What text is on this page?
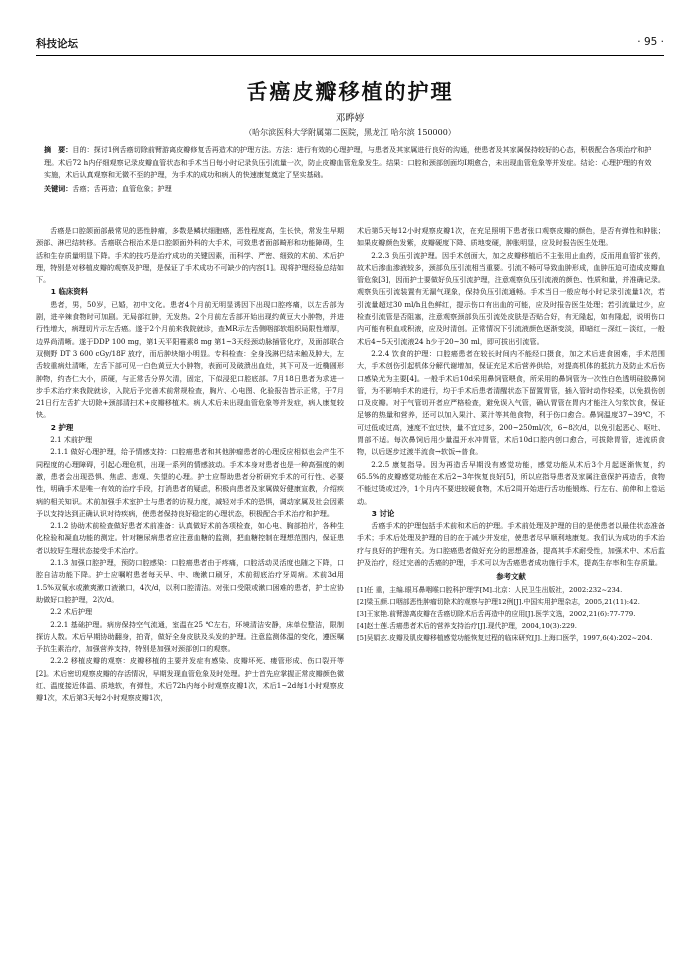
科技论坛	· 95 ·
舌癌皮瓣移植的护理
邓晔婷
（哈尔滨医科大学附属第二医院，黑龙江 哈尔滨 150000）
摘　要：目的：探讨1例舌癌切除前臂游离皮瓣修复舌再造术的护理方法。方法：进行有效的心理护理，与患者及其家属进行良好的沟通，使患者及其家属保持较好的心态，积极配合各项治疗和护理。术后72 h内仔细观察记录皮瓣血管状态和手术当日每小时记录负压引流量一次，防止皮瓣血管危象发生。结果：口腔和颈部创面均Ⅰ期愈合，未出现血管危象等并发症。结论：心理护理的有效实施，术后认真观察和无微不至的护理，为手术的成功和病人的快速康复奠定了坚实基础。
关键词：舌癌；舌再造；血管危象；护理

舌癌是口腔颌面部最常见的恶性肿瘤，多数是鳞状细胞癌，恶性程度高，生长快，常发生早期颈部、淋巴结转移。舌癌联合根治术是口腔颌面外科的大手术，可致患者面部畸形和功能障碍，生活和生存质量明显下降。手术的技巧是治疗成功的关键因素，而科学、严密、细致的术前、术后护理，特别是对移植皮瓣的观察及护理，是保证了手术成功不可缺少的内容[1]。现将护理经验总结如下。

1 临床资料

患者，男，50岁，已婚，初中文化。患者4个月前无明显诱因下出现口腔疼痛，以左舌部为剧，进辛辣食物时可加剧。无局部红肿，无发热。2个月前左舌部开始出现约黄豆大小肿物，并进行性增大，病理切片示左舌癌。遂于2个月前来我院就诊，查MR示左舌侧咽部软组织局限性增厚，边界尚清晰。遂于DDP 100 mg，第1天平阳霉素8 mg 第1~3天经颈动脉插管化疗，及面部联合双侧野 DT 3 600 cGy/18F 放疗，而后肿块缩小明显。专科检查：全身浅淋巴结未触及肿大，左舌较重病灶清晰，左舌下部可见一白色黄豆大小肿物，表面可及破溃出血灶，其下可及一近椭圆形肿物，约杏仁大小，质硬，与正常舌分界欠清，固定，下似浸犯口腔底部。7月18日患者为求进一步手术治疗来我院就诊，入院后予完善术前常规检查，胸片、心电图、化验报告皆示正常，于7月21日行左舌扩大切除+颈部清扫术+皮瓣移植术。病人术后未出现血管危象等并发症，病人康复较快。

2 护理
2.1 术前护理

2.1.1 做好心理护理，给予情感支持：口腔癌患者和其他肿瘤患者的心理反应相似也会产生不同程度的心理障碍，引起心理危机，出现一系列的情感波动。手术本身对患者也是一种高强度的刺激，患者会出现恐惧、焦虑、悲观、失望的心理。护士应帮助患者分析研究手术的可行性、必要性，明确手术是唯一有效的治疗手段，打消患者的疑虑，积极向患者及家属做好健康宣教，介绍疾病的相关知识。术前加强手术室护士与患者的访视力度，减轻对手术的恐惧，调动家属及社会因素予以支持达到正确认识对待疾病，使患者保持良好稳定的心理状态，积极配合手术治疗和护理。

2.1.2 协助术前检查做好患者术前准备：认真做好术前各项检查，如心电、胸部拍片，各种生化检验和凝血功能的测定。针对糖尿病患者应注意血糖的监测，把血糖控制在理想范围内，保证患者以较好生理状态接受手术治疗。

2.1.3 加强口腔护理，预防口腔感染：口腔癌患者由于疼痛，口腔活动灵活度也随之下降，口腔自洁功能下降。护士应嘱咐患者每天早、中、晚漱口刷牙，术前彻底治疗牙周病。术前3d用1.5%双氧水或漱爽漱口液漱口，4次/d，以利口腔清洁。对张口受限或漱口困难的患者，护士应协助做好口腔护理，2次/d。

2.2 术后护理

2.2.1 基础护理。病房保持空气流通，室温在25 ℃左右，环境清洁安静，床单位整洁，限制探访人数。术后早期协助翻身，拍背，做好全身皮肤及头发的护理。注意监测体温的变化，遵医嘱予抗生素治疗，加强营养支持，特别是加强对颈部创口的观察。

2.2.2 移植皮瓣的观察：皮瓣移植的主要并发症有感染、皮瓣坏死、瘘管形成、伤口裂开等[2]。术后密切观察皮瓣的存活情况，早期发现血管危象及时处理。护士首先应掌握正常皮瓣颜色微红、温度接近体温、质地软，有弹性，术后72h内每小时观察皮瓣1次，术后1~2d每1小时观察皮瓣1次，术后第3天每2小时观察皮瓣1次，

术后第5天每12小时观察皮瓣1次，在充足照明下患者张口观察皮瓣的颜色，是否有弹性和肿胀；如果皮瓣颜色发紫，皮瓣硬度下降、质地变硬，肿胀明显，应及时报告医生处理。

2.2.3 负压引流护理。因手术创面大，加之皮瓣移植后不主张用止血药，反而用血管扩张药，故术后渗血渗液较多，颈部负压引流相当重要。引流不畅可导致血肿形成，血肿压迫可造成皮瓣血管危象[3]，因而护士要做好负压引流护理，注意观察负压引流液的颜色、性质和量，并准确记录。观察负压引流装置有无漏气现象，保持负压引流通畅。手术当日一般应每小时记录引流量1次，若引流量超过30 ml/h且色鲜红，提示伤口有出血的可能，应及时报告医生处理；若引流量过少，应检查引流管是否阻塞，注意观察颈部负压引流处皮肤是否贴合好，有无隆起，如有隆起，说明伤口内可能有积血或积液，应及时清创。正常情况下引流液颜色逐渐变淡，即暗红－深红－淡红，一般术后4~5天引流液24 h少于20~30 ml，即可拔出引流管。

2.2.4 饮食的护理：口腔癌患者在较长时间内不能经口摄食，加之术后进食困难，手术范围大，手术创伤引起机体分解代谢增加，保证充足术后营养供给，对提高机体的抵抗力及防止术后伤口感染尤为主要[4]。一般手术后10d采用鼻饲管喂食，所采用的鼻饲管为一次性白色透明硅胶鼻饲管，为不影响手术的进行，均于手术后患者清醒状态下留置胃管，插入管时动作轻柔，以免损伤创口及皮瓣。对于气管切开者应严格检查，避免误入气管，确认胃管在胃内才能注入匀浆饮食，保证足够的热量和营养，还可以加入果汁、菜汁等其他食物，利于伤口愈合。鼻饲温度37~39℃，不可过低或过高，速度不宜过快，量不宜过多，200~250ml/次，6~8次/d，以免引起恶心、呕吐、胃部不适。每次鼻饲后用少量温开水冲胃管，术后10d口腔内创口愈合，可拔除胃管，进流质食物，以后逐步过渡半流食→软饭→普食。

2.2.5 康复指导。因为再造舌早期没有感觉功能，感觉功能从术后3个月起逐渐恢复，约65.5%的皮瓣感觉功能在术后2~3年恢复良好[5]，所以应指导患者及家属注意保护再造舌，食物不能过烫或过冷，1个月内不要进较硬食物，术后2周开始进行舌功能锻炼、行左右、前伸和上卷运动。

3 讨论

舌癌手术的护理包括手术前和术后的护理。手术前处理及护理的目的是使患者以最佳状态准备手术；手术后处理及护理的目的在于减少并发症，使患者尽早顺利地康复。我们认为成功的手术治疗与良好的护理有关。为口腔癌患者做好充分的思想准备，提高其手术耐受性，加强术中、术后监护及治疗，经过完善的舌癌的护理，手术可以为舌癌患者成功施行手术，提高生存率和生存质量。

参考文献
[1]任 重，主编.眼耳鼻咽喉口腔科护理学[M].北京：人民卫生出版社，2002:232~234.
[2]梁玉颜.口咽部恶性肿瘤切除术的观察与护理12例[J].中国实用护理杂志，2005,21(11):42.
[3]王家艳.前臂游离皮瓣在舌癌切除术后舌再造中的应用[J].医学文选，2002,21(6):77-779.
[4]赵士莲.舌癌患者术后的营养支持治疗[J].现代护理，2004,10(3):229.
[5]吴娟玄.皮瓣及肌皮瓣移植感觉功能恢复过程的临床研究[J].上海口医学，1997,6(4):202~204.
